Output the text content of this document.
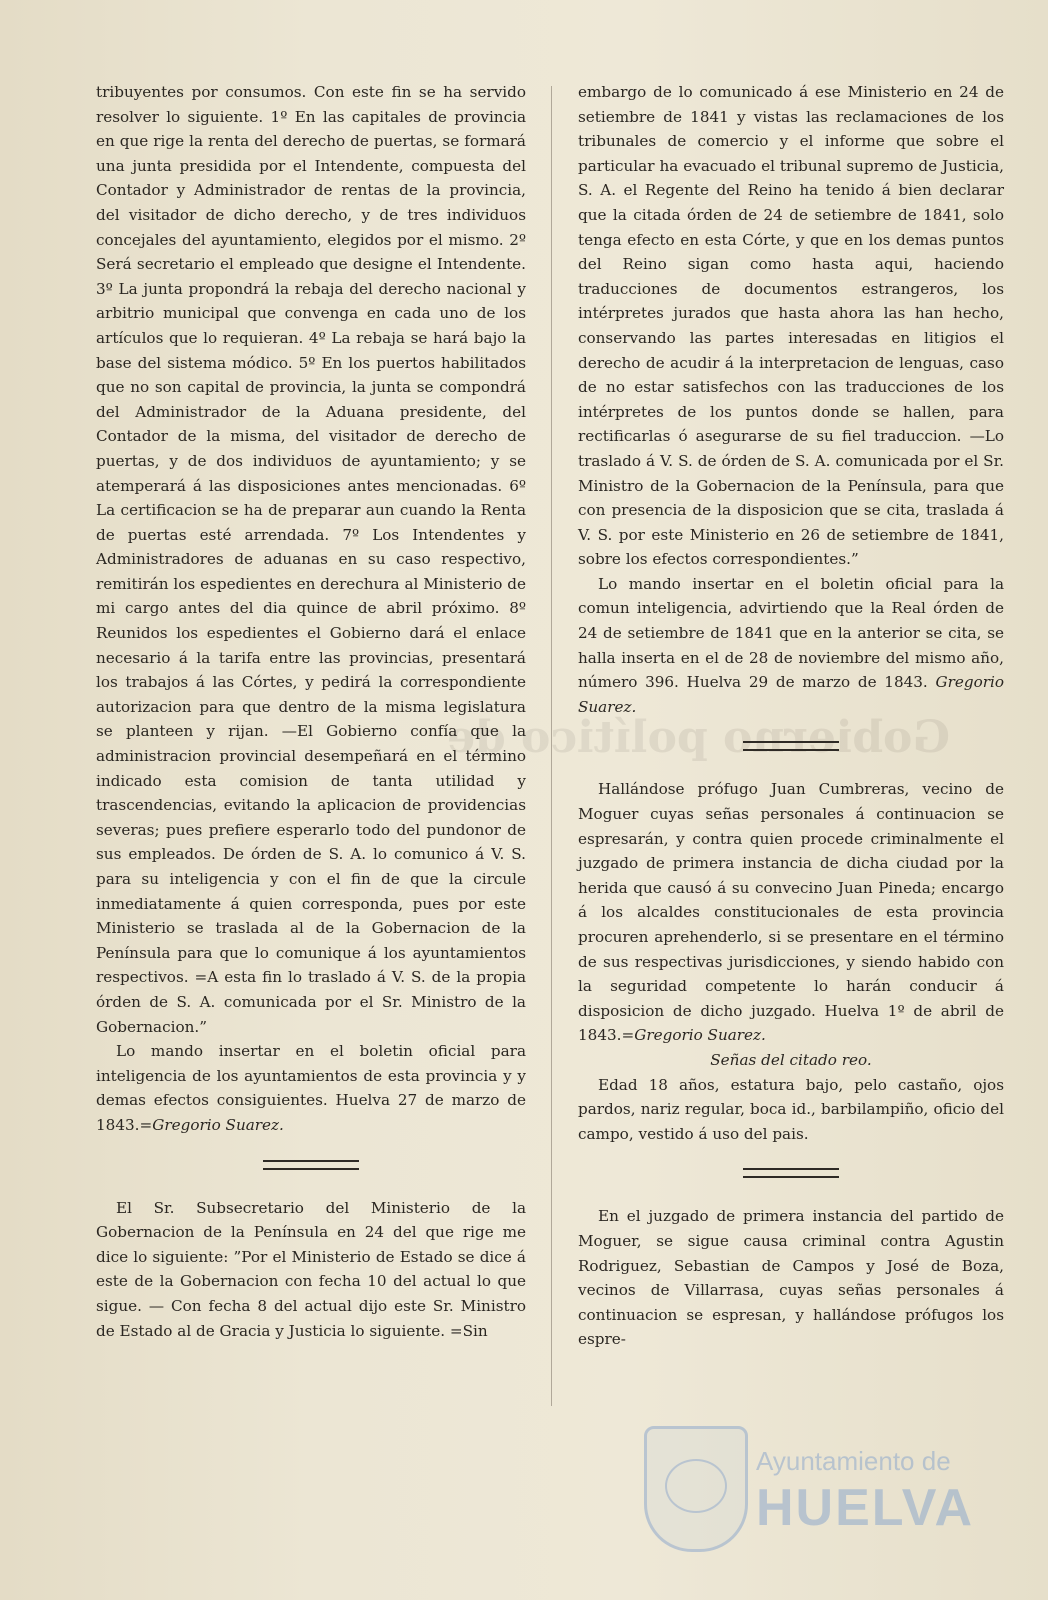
Gobierno político de

tribuyentes por consumos. Con este fin se ha servido resolver lo siguiente. 1º En las capitales de provincia en que rige la renta del derecho de puertas, se formará una junta presidida por el Intendente, compuesta del Contador y Administrador de rentas de la provincia, del visitador de dicho derecho, y de tres individuos concejales del ayuntamiento, elegidos por el mismo. 2º Será secretario el empleado que designe el Intendente. 3º La junta propondrá la rebaja del derecho nacional y arbitrio municipal que convenga en cada uno de los artículos que lo requieran. 4º La rebaja se hará bajo la base del sistema módico. 5º En los puertos habilitados que no son capital de provincia, la junta se compondrá del Administrador de la Aduana presidente, del Contador de la misma, del visitador de derecho de puertas, y de dos individuos de ayuntamiento; y se atemperará á las disposiciones antes mencionadas. 6º La certificacion se ha de preparar aun cuando la Renta de puertas esté arrendada. 7º Los Intendentes y Administradores de aduanas en su caso respectivo, remitirán los espedientes en derechura al Ministerio de mi cargo antes del dia quince de abril próximo. 8º Reunidos los espedientes el Gobierno dará el enlace necesario á la tarifa entre las provincias, presentará los trabajos á las Córtes, y pedirá la correspondiente autorizacion para que dentro de la misma legislatura se planteen y rijan. —El Gobierno confía que la administracion provincial desempeñará en el término indicado esta comision de tanta utilidad y trascendencias, evitando la aplicacion de providencias severas; pues prefiere esperarlo todo del pundonor de sus empleados. De órden de S. A. lo comunico á V. S. para su inteligencia y con el fin de que la circule inmediatamente á quien corresponda, pues por este Ministerio se traslada al de la Gobernacion de la Península para que lo comunique á los ayuntamientos respectivos. =A esta fin lo traslado á V. S. de la propia órden de S. A. comunicada por el Sr. Ministro de la Gobernacion.”

Lo mando insertar en el boletin oficial para inteligencia de los ayuntamientos de esta provincia y y demas efectos consiguientes. Huelva 27 de marzo de 1843.=Gregorio Suarez.

El Sr. Subsecretario del Ministerio de la Gobernacion de la Península en 24 del que rige me dice lo siguiente: ”Por el Ministerio de Estado se dice á este de la Gobernacion con fecha 10 del actual lo que sigue. — Con fecha 8 del actual dijo este Sr. Ministro de Estado al de Gracia y Justicia lo siguiente. =Sin

embargo de lo comunicado á ese Ministerio en 24 de setiembre de 1841 y vistas las reclamaciones de los tribunales de comercio y el informe que sobre el particular ha evacuado el tribunal supremo de Justicia, S. A. el Regente del Reino ha tenido á bien declarar que la citada órden de 24 de setiembre de 1841, solo tenga efecto en esta Córte, y que en los demas puntos del Reino sigan como hasta aqui, haciendo traducciones de documentos estrangeros, los intérpretes jurados que hasta ahora las han hecho, conservando las partes interesadas en litigios el derecho de acudir á la interpretacion de lenguas, caso de no estar satisfechos con las traducciones de los intérpretes de los puntos donde se hallen, para rectificarlas ó asegurarse de su fiel traduccion. —Lo traslado á V. S. de órden de S. A. comunicada por el Sr. Ministro de la Gobernacion de la Península, para que con presencia de la disposicion que se cita, traslada á V. S. por este Ministerio en 26 de setiembre de 1841, sobre los efectos correspondientes.”

Lo mando insertar en el boletin oficial para la comun inteligencia, advirtiendo que la Real órden de 24 de setiembre de 1841 que en la anterior se cita, se halla inserta en el de 28 de noviembre del mismo año, número 396. Huelva 29 de marzo de 1843. Gregorio Suarez.

Hallándose prófugo Juan Cumbreras, vecino de Moguer cuyas señas personales á continuacion se espresarán, y contra quien procede criminalmente el juzgado de primera instancia de dicha ciudad por la herida que causó á su convecino Juan Pineda; encargo á los alcaldes constitucionales de esta provincia procuren aprehenderlo, si se presentare en el término de sus respectivas jurisdicciones, y siendo habido con la seguridad competente lo harán conducir á disposicion de dicho juzgado. Huelva 1º de abril de 1843.=Gregorio Suarez.

Señas del citado reo.

Edad 18 años, estatura bajo, pelo castaño, ojos pardos, nariz regular, boca id., barbilampiño, oficio del campo, vestido á uso del pais.

En el juzgado de primera instancia del partido de Moguer, se sigue causa criminal contra Agustin Rodriguez, Sebastian de Campos y José de Boza, vecinos de Villarrasa, cuyas señas personales á continuacion se espresan, y hallándose prófugos los espre-

Ayuntamiento de
HUELVA
